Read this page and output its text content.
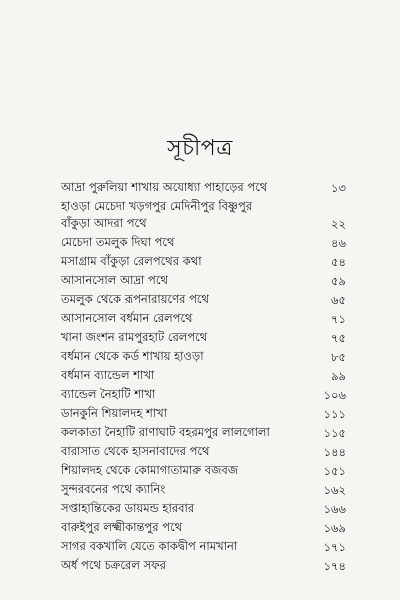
সূচীপত্র
আদ্রা পুরুলিয়া শাখায় অযোধ্যা পাহাড়ের পথে	১৩
হাওড়া মেচেদা খড়গপুর মেদিনীপুর বিষ্ণুপুর বাঁকুড়া আদরা পথে	২২
মেচেদা তমলুক দিঘা পথে	৪৬
মসাগ্রাম বাঁকুড়া রেলপথের কথা	৫৪
আসানসোল আদ্রা পথে	৫৯
তমলুক থেকে রূপনারায়ণের পথে	৬৫
আসানসোল বর্ধমান রেলপথে	৭১
খানা জংশন রামপুরহাট রেলপথে	৭৫
বর্ধমান থেকে কর্ড শাখায় হাওড়া	৮৫
বর্ধমান ব্যান্ডেল শাখা	৯৯
ব্যান্ডেল নৈহাটি শাখা	১০৬
ডানকুনি শিয়ালদহ শাখা	১১১
কলকাতা নৈহাটি রাণাঘাট বহরমপুর লালগোলা	১১৫
বারাসাত থেকে হাসনাবাদের পথে	১৪৪
শিয়ালদহ থেকে কোমাগাতামারু বজবজ	১৫১
সুন্দরবনের পথে ক্যানিং	১৬২
সপ্তাহান্তিকের ডায়মন্ড হারবার	১৬৬
বারুইপুর লক্ষ্মীকান্তপুর পথে	১৬৯
সাগর বকখালি যেতে কাকদ্বীপ নামখানা	১৭১
অর্ধ পথে চক্ররেল সফর	১৭৪
